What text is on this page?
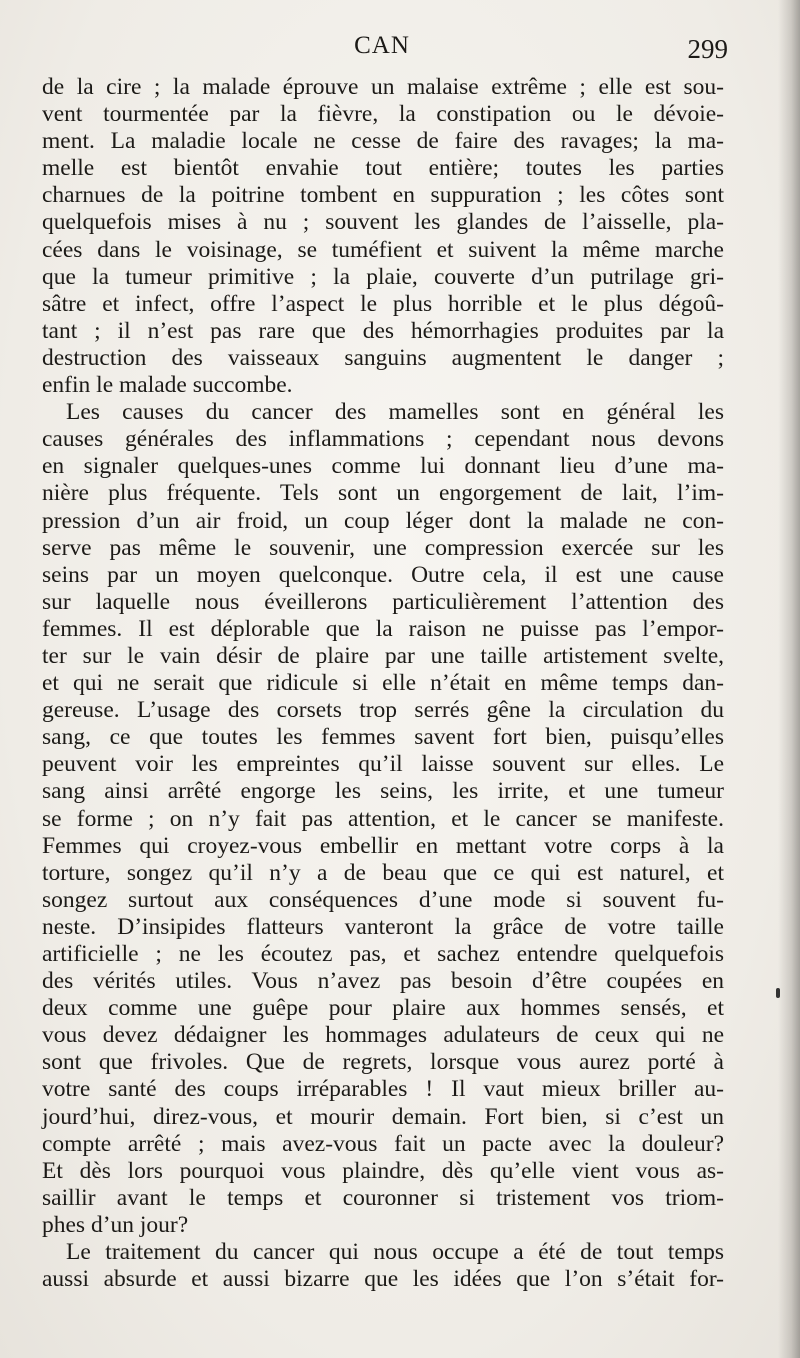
CAN	299
de la cire ; la malade éprouve un malaise extrême ; elle est sou-
vent tourmentée par la fièvre, la constipation ou le dévoie-
ment. La maladie locale ne cesse de faire des ravages; la ma-
melle est bientôt envahie tout entière; toutes les parties
charnues de la poitrine tombent en suppuration ; les côtes sont
quelquefois mises à nu ; souvent les glandes de l’aisselle, pla-
cées dans le voisinage, se tuméfient et suivent la même marche
que la tumeur primitive ; la plaie, couverte d’un putrilage gri-
sâtre et infect, offre l’aspect le plus horrible et le plus dégoû-
tant ; il n’est pas rare que des hémorrhagies produites par la
destruction des vaisseaux sanguins augmentent le danger ;
enfin le malade succombe.
Les causes du cancer des mamelles sont en général les
causes générales des inflammations ; cependant nous devons
en signaler quelques-unes comme lui donnant lieu d’une ma-
nière plus fréquente. Tels sont un engorgement de lait, l’im-
pression d’un air froid, un coup léger dont la malade ne con-
serve pas même le souvenir, une compression exercée sur les
seins par un moyen quelconque. Outre cela, il est une cause
sur laquelle nous éveillerons particulièrement l’attention des
femmes. Il est déplorable que la raison ne puisse pas l’empor-
ter sur le vain désir de plaire par une taille artistement svelte,
et qui ne serait que ridicule si elle n’était en même temps dan-
gereuse. L’usage des corsets trop serrés gêne la circulation du
sang, ce que toutes les femmes savent fort bien, puisqu’elles
peuvent voir les empreintes qu’il laisse souvent sur elles. Le
sang ainsi arrêté engorge les seins, les irrite, et une tumeur
se forme ; on n’y fait pas attention, et le cancer se manifeste.
Femmes qui croyez-vous embellir en mettant votre corps à la
torture, songez qu’il n’y a de beau que ce qui est naturel, et
songez surtout aux conséquences d’une mode si souvent fu-
neste. D’insipides flatteurs vanteront la grâce de votre taille
artificielle ; ne les écoutez pas, et sachez entendre quelquefois
des vérités utiles. Vous n’avez pas besoin d’être coupées en
deux comme une guêpe pour plaire aux hommes sensés, et
vous devez dédaigner les hommages adulateurs de ceux qui ne
sont que frivoles. Que de regrets, lorsque vous aurez porté à
votre santé des coups irréparables ! Il vaut mieux briller au-
jourd’hui, direz-vous, et mourir demain. Fort bien, si c’est un
compte arrêté ; mais avez-vous fait un pacte avec la douleur?
Et dès lors pourquoi vous plaindre, dès qu’elle vient vous as-
saillir avant le temps et couronner si tristement vos triom-
phes d’un jour?
Le traitement du cancer qui nous occupe a été de tout temps
aussi absurde et aussi bizarre que les idées que l’on s’était for-
